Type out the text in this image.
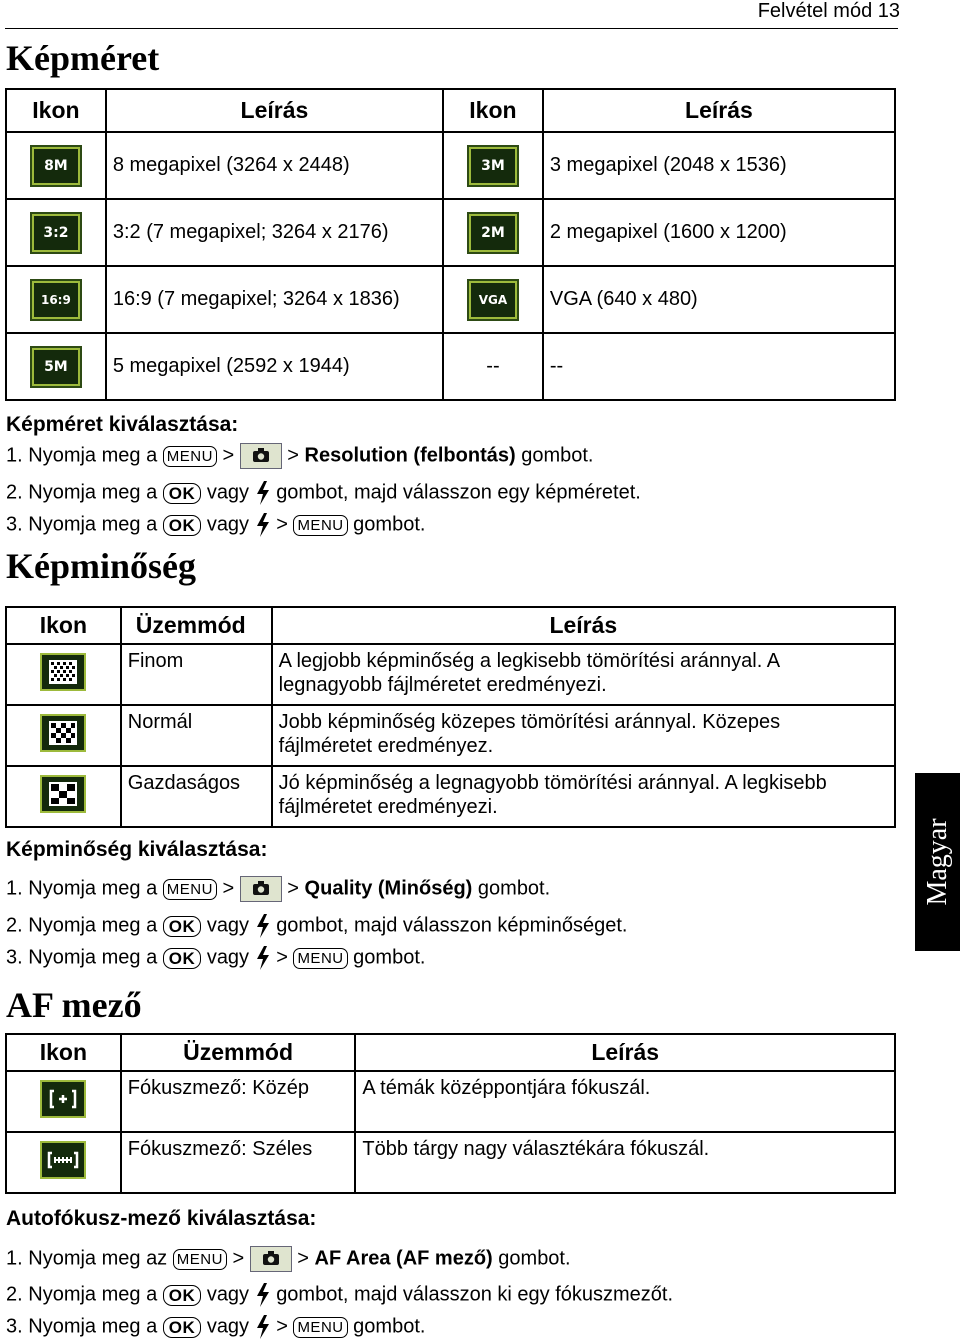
Felvétel mód 13
Magyar
Képméret
Ikon	Leírás	Ikon	Leírás
8M	8 megapixel (3264 x 2448)	3M	3 megapixel (2048 x 1536)
3:2	3:2 (7 megapixel; 3264 x 2176)	2M	2 megapixel (1600 x 1200)
16:9	16:9 (7 megapixel; 3264 x 1836)	VGA	VGA (640 x 480)
5M	5 megapixel (2592 x 1944)	--	--
Képméret kiválasztása:
1. Nyomja meg a MENU >	> Resolution (felbontás) gombot.
2. Nyomja meg a OK vagy gombot, majd válasszon egy képméretet.
3. Nyomja meg a OK vagy > MENU gombot.
Képminőség
Ikon	Üzemmód	Leírás
	Finom	A legjobb képminőség a legkisebb tömörítési aránnyal. A
legnagyobb fájlméretet eredményezi.

	Normál	Jobb képminőség közepes tömörítési aránnyal. Közepes
fájlméretet eredményez.

	Gazdaságos	Jó képminőség a legnagyobb tömörítési aránnyal. A legkisebb
fájlméretet eredményezi.
Képminőség kiválasztása:
1. Nyomja meg a MENU >	> Quality (Minőség) gombot.
2. Nyomja meg a OK vagy gombot, majd válasszon képminőséget.
3. Nyomja meg a OK vagy > MENU gombot.
AF mező
Ikon	Üzemmód	Leírás
	Fókuszmező: Közép	A témák középpontjára fókuszál.
	Fókuszmező: Széles	Több tárgy nagy választékára fókuszál.
Autofókusz-mező kiválasztása:
1. Nyomja meg az MENU >	> AF Area (AF mező) gombot.
2. Nyomja meg a OK vagy gombot, majd válasszon ki egy fókuszmezőt.
3. Nyomja meg a OK vagy > MENU gombot.
